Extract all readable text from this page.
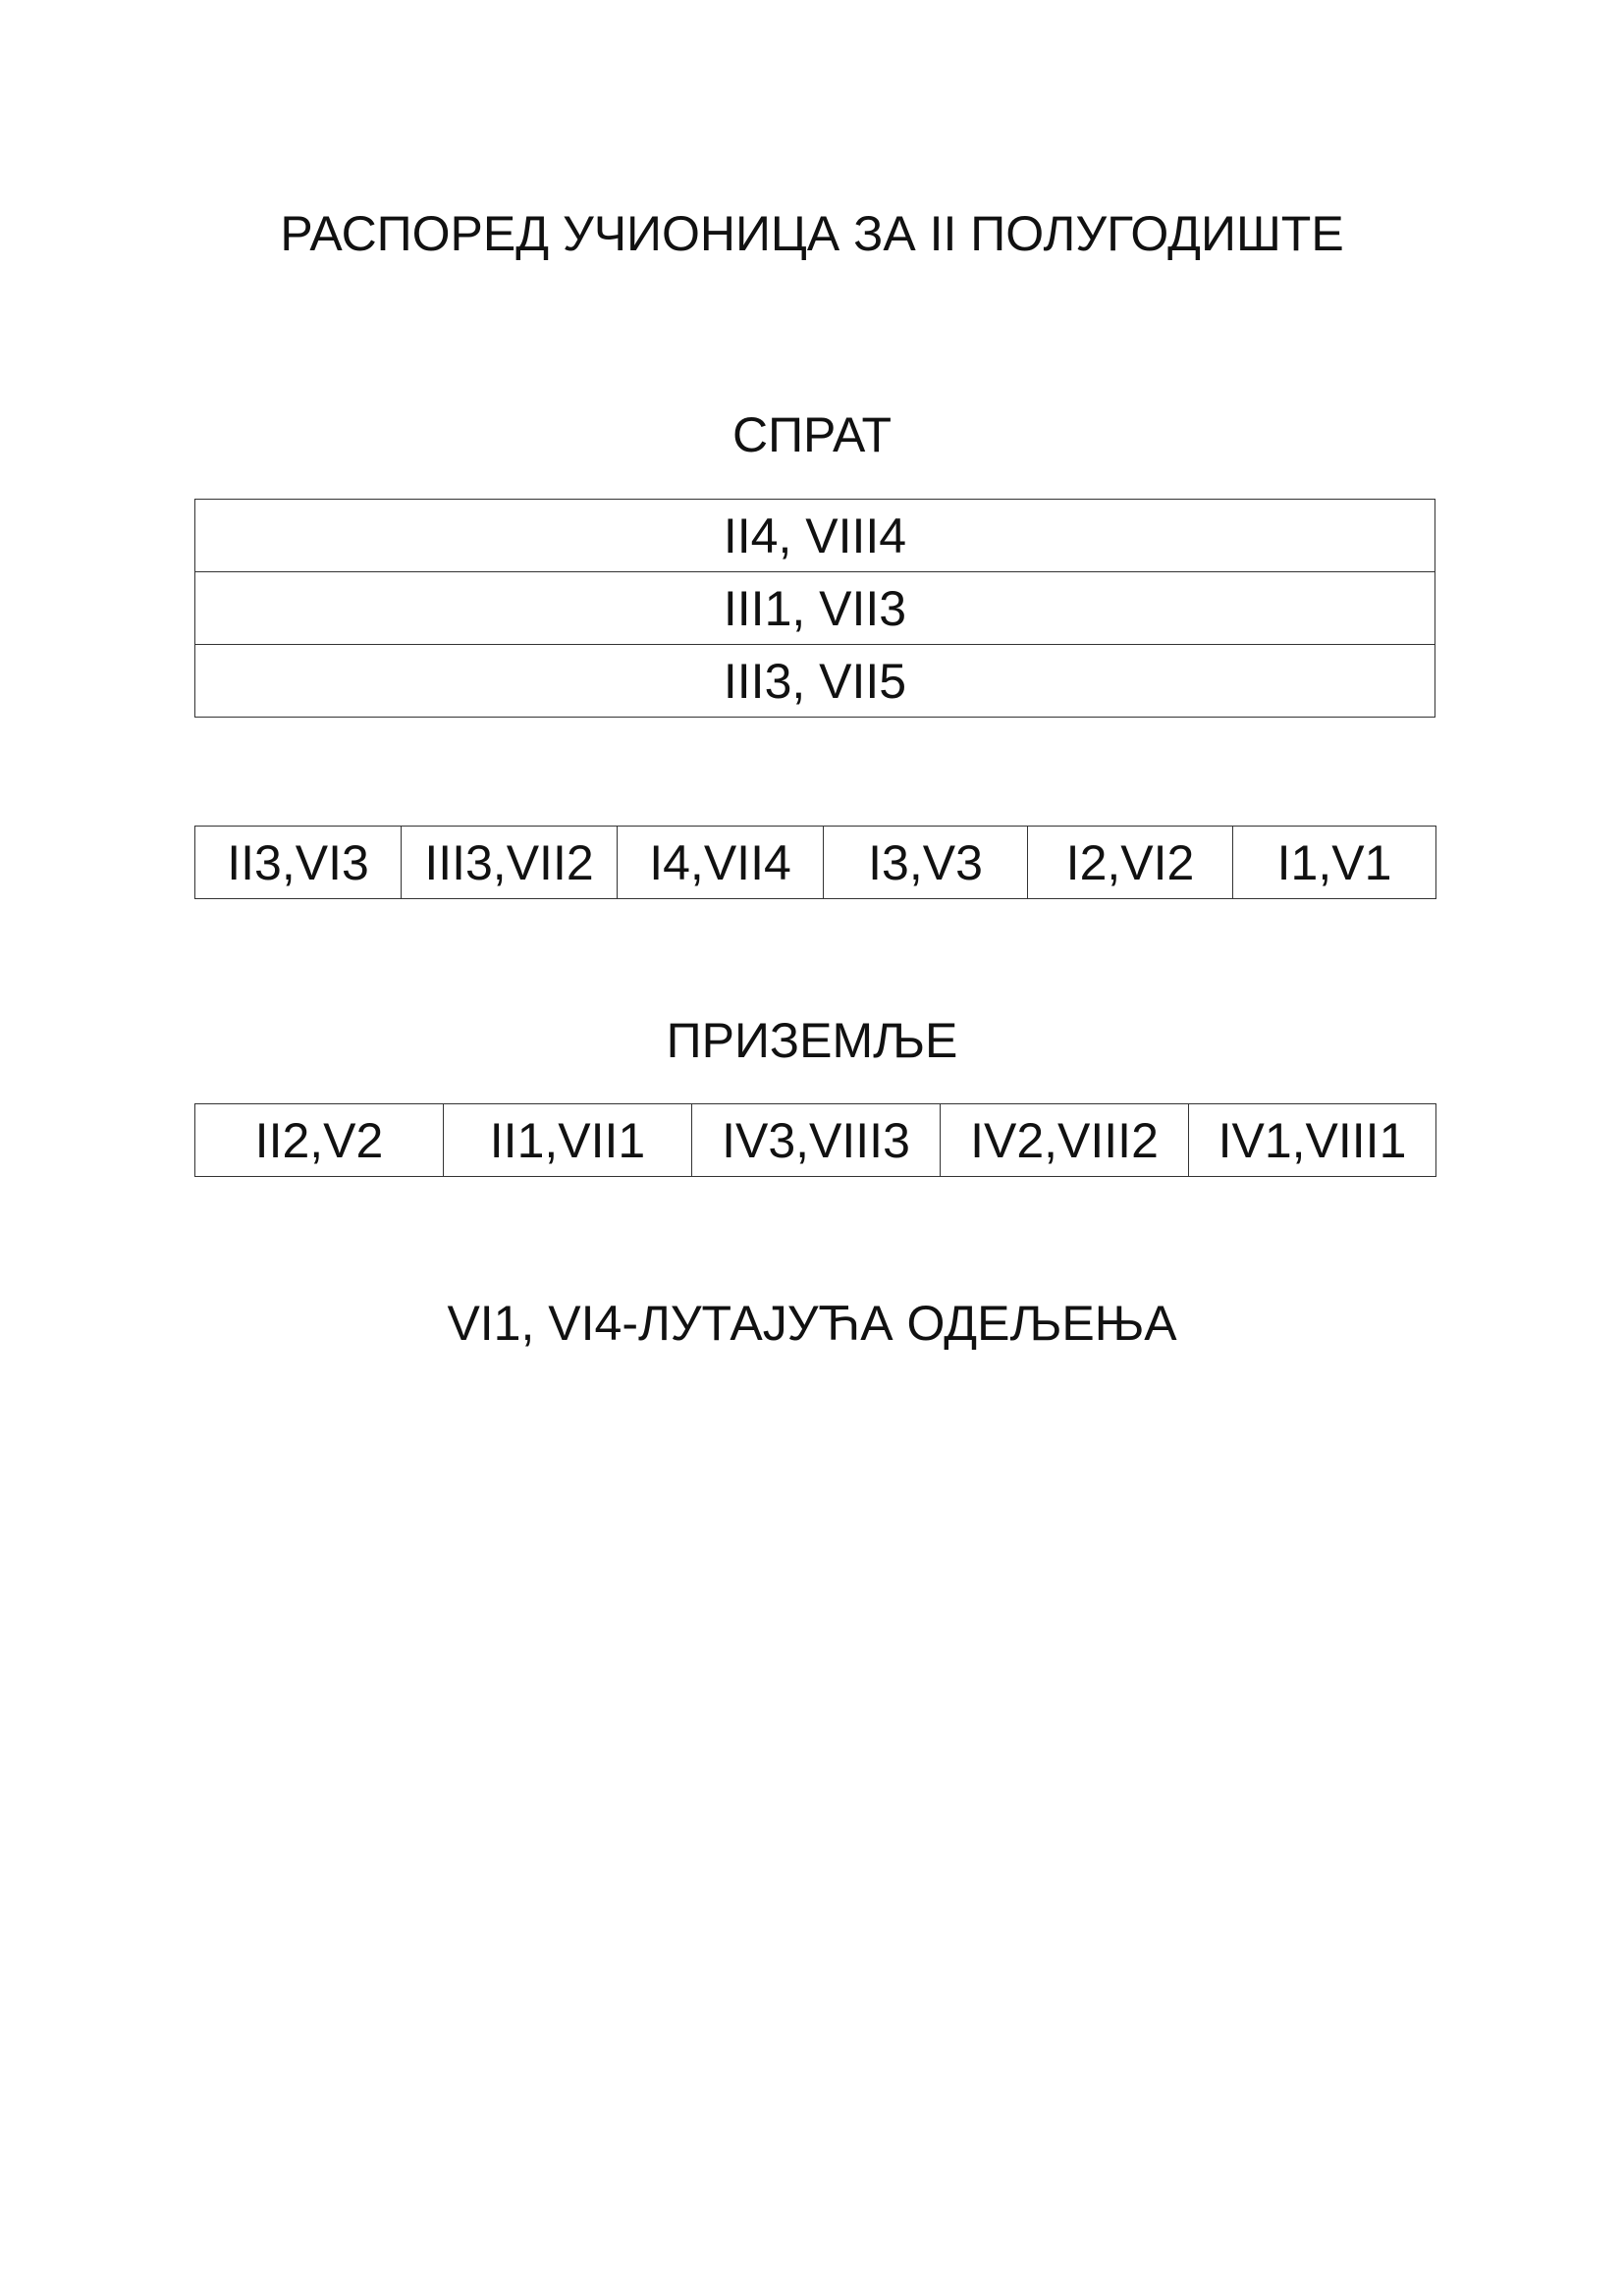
РАСПОРЕД УЧИОНИЦА ЗА II ПОЛУГОДИШТЕ
СПРАТ
II4, VIII4
III1, VII3
III3, VII5
II3,VI3	III3,VII2	I4,VII4	I3,V3	I2,VI2	I1,V1
ПРИЗЕМЉЕ
II2,V2	II1,VII1	IV3,VIII3	IV2,VIII2	IV1,VIII1
VI1, VI4-ЛУТАЈУЋА ОДЕЉЕЊА
